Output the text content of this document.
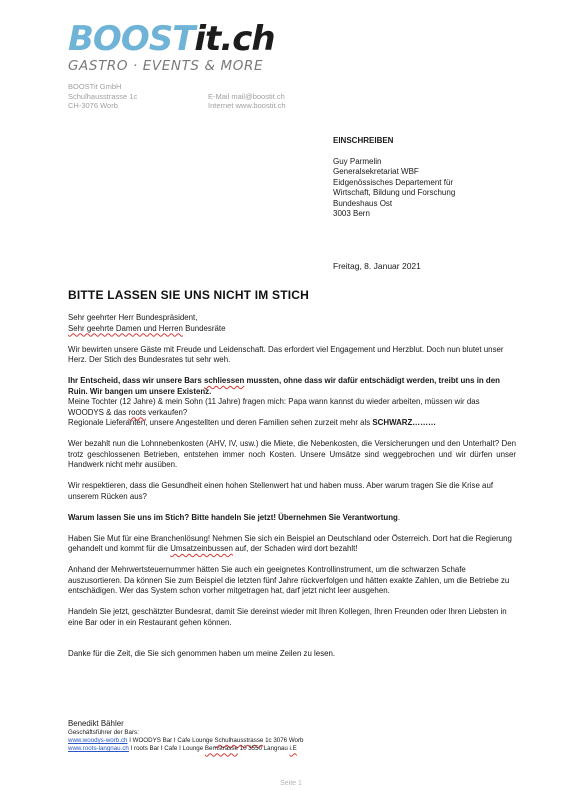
BOOSTit.ch
GASTRO · EVENTS & MORE
BOOSTit GmbH
Schulhausstrasse 1c
CH-3076 Worb
E-Mail mail@boostit.ch
Internet www.boostit.ch
EINSCHREIBEN
Guy Parmelin
Generalsekretariat WBF
Eidgenössisches Departement für
Wirtschaft, Bildung und Forschung
Bundeshaus Ost
3003 Bern
Freitag, 8. Januar 2021
BITTE LASSEN SIE UNS NICHT IM STICH

Sehr geehrter Herr Bundespräsident,

Sehr geehrte Damen und Herren Bundesräte

Wir bewirten unsere Gäste mit Freude und Leidenschaft. Das erfordert viel Engagement und Herzblut. Doch nun blutet unser Herz. Der Stich des Bundesrates tut sehr weh.

Ihr Entscheid, dass wir unsere Bars schliessen mussten, ohne dass wir dafür entschädigt werden, treibt uns in den Ruin. Wir bangen um unsere Existenz.

Meine Tochter (12 Jahre) & mein Sohn (11 Jahre) fragen mich: Papa wann kannst du wieder arbeiten, müssen wir das WOODYS & das roots verkaufen?

Regionale Lieferanten, unsere Angestellten und deren Familien sehen zurzeit mehr als SCHWARZ………

Wer bezahlt nun die Lohnnebenkosten (AHV, IV, usw.) die Miete, die Nebenkosten, die Versicherungen und den Unterhalt? Den trotz geschlossenen Betrieben, entstehen immer noch Kosten. Unsere Umsätze sind weggebrochen und wir dürfen unser Handwerk nicht mehr ausüben.

Wir respektieren, dass die Gesundheit einen hohen Stellenwert hat und haben muss. Aber warum tragen Sie die Krise auf unserem Rücken aus?

Warum lassen Sie uns im Stich? Bitte handeln Sie jetzt! Übernehmen Sie Verantwortung.

Haben Sie Mut für eine Branchenlösung! Nehmen Sie sich ein Beispiel an Deutschland oder Österreich. Dort hat die Regierung gehandelt und kommt für die Umsatzeinbussen auf, der Schaden wird dort bezahlt!

Anhand der Mehrwertsteuernummer hätten Sie auch ein geeignetes Kontrollinstrument, um die schwarzen Schafe auszusortieren. Da können Sie zum Beispiel die letzten fünf Jahre rückverfolgen und hätten exakte Zahlen, um die Betriebe zu entschädigen. Wer das System schon vorher mitgetragen hat, darf jetzt nicht leer ausgehen.

Handeln Sie jetzt, geschätzter Bundesrat, damit Sie dereinst wieder mit Ihren Kollegen, Ihren Freunden oder Ihren Liebsten in eine Bar oder in ein Restaurant gehen können.

Danke für die Zeit, die Sie sich genommen haben um meine Zeilen zu lesen.

Benedikt Bähler
Geschäftsführer der Bars:
www.woodys-worb.ch I WOODYS Bar I Cafe Lounge Schulhausstrasse 1c 3076 Worb
www.roots-langnau.ch I roots Bar I Cafe I Lounge Bernstrasse 10 3550 Langnau i.E
Seite 1
